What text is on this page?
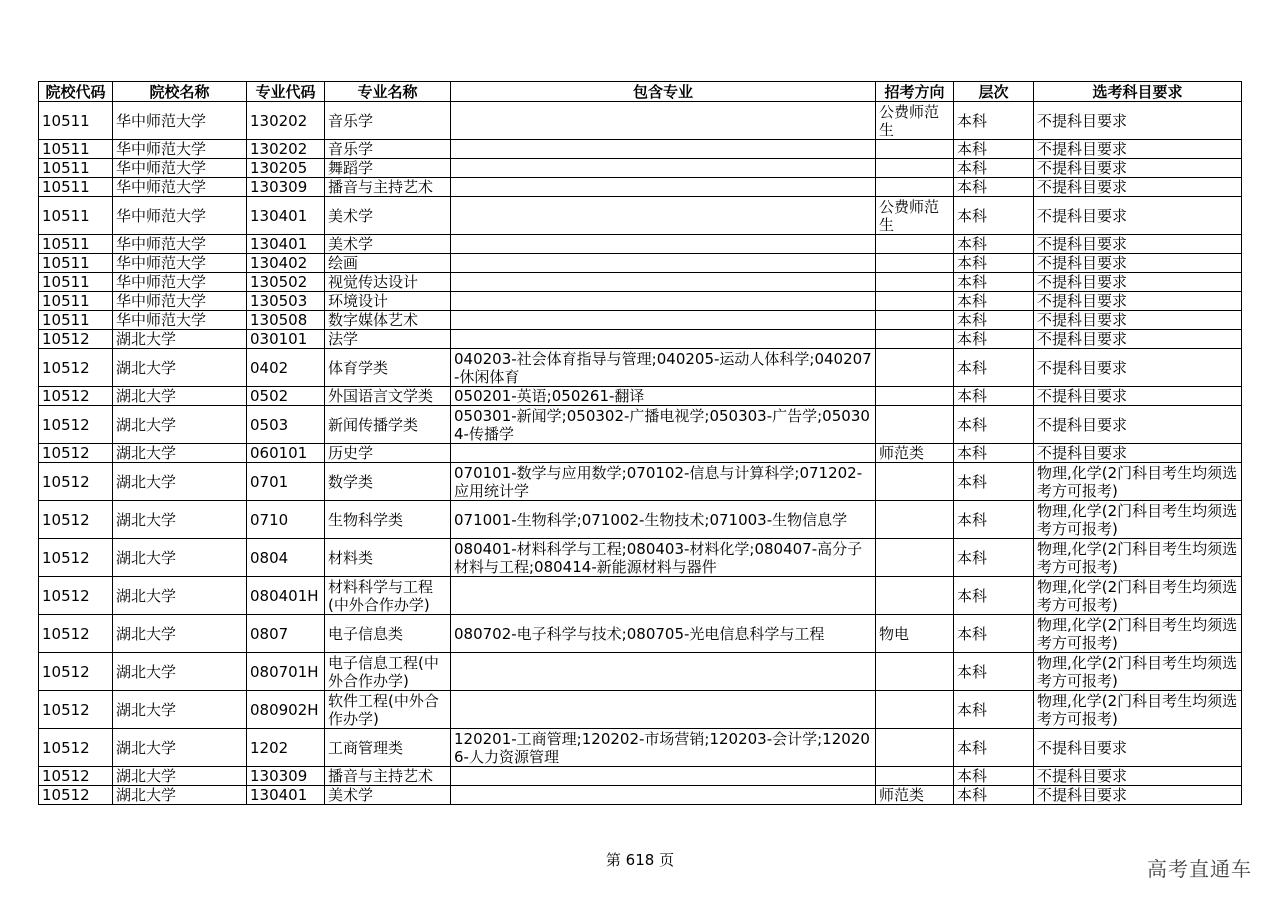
院校代码	院校名称	专业代码	专业名称	包含专业	招考方向	层次	选考科目要求
10511	华中师范大学	130202	音乐学		公费师范生	本科	不提科目要求
10511	华中师范大学	130202	音乐学			本科	不提科目要求
10511	华中师范大学	130205	舞蹈学			本科	不提科目要求
10511	华中师范大学	130309	播音与主持艺术			本科	不提科目要求
10511	华中师范大学	130401	美术学		公费师范生	本科	不提科目要求
10511	华中师范大学	130401	美术学			本科	不提科目要求
10511	华中师范大学	130402	绘画			本科	不提科目要求
10511	华中师范大学	130502	视觉传达设计			本科	不提科目要求
10511	华中师范大学	130503	环境设计			本科	不提科目要求
10511	华中师范大学	130508	数字媒体艺术			本科	不提科目要求
10512	湖北大学	030101	法学			本科	不提科目要求
10512	湖北大学	0402	体育学类	040203-社会体育指导与管理;040205-运动人体科学;040207-休闲体育		本科	不提科目要求
10512	湖北大学	0502	外国语言文学类	050201-英语;050261-翻译		本科	不提科目要求
10512	湖北大学	0503	新闻传播学类	050301-新闻学;050302-广播电视学;050303-广告学;050304-传播学		本科	不提科目要求
10512	湖北大学	060101	历史学		师范类	本科	不提科目要求
10512	湖北大学	0701	数学类	070101-数学与应用数学;070102-信息与计算科学;071202-应用统计学		本科	物理,化学(2门科目考生均须选考方可报考)
10512	湖北大学	0710	生物科学类	071001-生物科学;071002-生物技术;071003-生物信息学		本科	物理,化学(2门科目考生均须选考方可报考)
10512	湖北大学	0804	材料类	080401-材料科学与工程;080403-材料化学;080407-高分子材料与工程;080414-新能源材料与器件		本科	物理,化学(2门科目考生均须选考方可报考)
10512	湖北大学	080401H	材料科学与工程(中外合作办学)			本科	物理,化学(2门科目考生均须选考方可报考)
10512	湖北大学	0807	电子信息类	080702-电子科学与技术;080705-光电信息科学与工程	物电	本科	物理,化学(2门科目考生均须选考方可报考)
10512	湖北大学	080701H	电子信息工程(中外合作办学)			本科	物理,化学(2门科目考生均须选考方可报考)
10512	湖北大学	080902H	软件工程(中外合作办学)			本科	物理,化学(2门科目考生均须选考方可报考)
10512	湖北大学	1202	工商管理类	120201-工商管理;120202-市场营销;120203-会计学;120206-人力资源管理		本科	不提科目要求
10512	湖北大学	130309	播音与主持艺术			本科	不提科目要求
10512	湖北大学	130401	美术学		师范类	本科	不提科目要求
第 618 页	高考直通车
